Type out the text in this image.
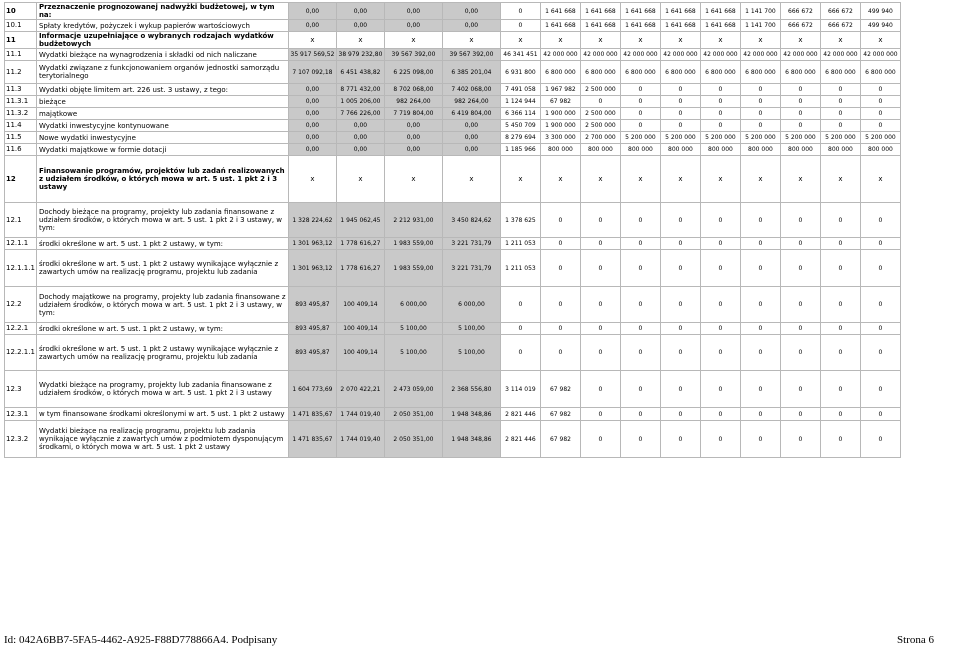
10	Przeznaczenie prognozowanej nadwyżki budżetowej, w tym na:	0,00	0,00	0,00	0,00	0	1 641 668	1 641 668	1 641 668	1 641 668	1 641 668	1 141 700	666 672	666 672	499 940
10.1	Spłaty kredytów, pożyczek i wykup papierów wartościowych	0,00	0,00	0,00	0,00	0	1 641 668	1 641 668	1 641 668	1 641 668	1 641 668	1 141 700	666 672	666 672	499 940
11	Informacje uzupełniające o wybranych rodzajach wydatków budżetowych	x	x	x	x	x	x	x	x	x	x	x	x	x	x
11.1	Wydatki bieżące na wynagrodzenia i składki od nich naliczane	35 917 569,52	38 979 232,80	39 567 392,00	39 567 392,00	46 341 451	42 000 000	42 000 000	42 000 000	42 000 000	42 000 000	42 000 000	42 000 000	42 000 000	42 000 000
11.2	Wydatki związane z funkcjonowaniem organów jednostki samorządu terytorialnego	7 107 092,18	6 451 438,82	6 225 098,00	6 385 201,04	6 931 800	6 800 000	6 800 000	6 800 000	6 800 000	6 800 000	6 800 000	6 800 000	6 800 000	6 800 000
11.3	Wydatki objęte limitem art. 226 ust. 3 ustawy, z tego:	0,00	8 771 432,00	8 702 068,00	7 402 068,00	7 491 058	1 967 982	2 500 000	0	0	0	0	0	0	0
11.3.1	bieżące	0,00	1 005 206,00	982 264,00	982 264,00	1 124 944	67 982	0	0	0	0	0	0	0	0
11.3.2	majątkowe	0,00	7 766 226,00	7 719 804,00	6 419 804,00	6 366 114	1 900 000	2 500 000	0	0	0	0	0	0	0
11.4	Wydatki inwestycyjne kontynuowane	0,00	0,00	0,00	0,00	5 450 709	1 900 000	2 500 000	0	0	0	0	0	0	0
11.5	Nowe wydatki inwestycyjne	0,00	0,00	0,00	0,00	8 279 694	3 300 000	2 700 000	5 200 000	5 200 000	5 200 000	5 200 000	5 200 000	5 200 000	5 200 000
11.6	Wydatki majątkowe w formie dotacji	0,00	0,00	0,00	0,00	1 185 966	800 000	800 000	800 000	800 000	800 000	800 000	800 000	800 000	800 000
12	Finansowanie programów, projektów lub zadań realizowanych z udziałem środków, o których mowa w art. 5 ust. 1 pkt 2 i 3 ustawy	x	x	x	x	x	x	x	x	x	x	x	x	x	x
12.1	Dochody bieżące na programy, projekty lub zadania finansowane z udziałem środków, o których mowa w art. 5 ust. 1 pkt 2 i 3 ustawy, w tym:	1 328 224,62	1 945 062,45	2 212 931,00	3 450 824,62	1 378 625	0	0	0	0	0	0	0	0	0
12.1.1	środki określone w art. 5 ust. 1 pkt 2 ustawy, w tym:	1 301 963,12	1 778 616,27	1 983 559,00	3 221 731,79	1 211 053	0	0	0	0	0	0	0	0	0
12.1.1.1	środki określone w art. 5 ust. 1 pkt 2 ustawy wynikające wyłącznie z zawartych umów na realizację programu, projektu lub zadania	1 301 963,12	1 778 616,27	1 983 559,00	3 221 731,79	1 211 053	0	0	0	0	0	0	0	0	0
12.2	Dochody majątkowe na programy, projekty lub zadania finansowane z udziałem środków, o których mowa w art. 5 ust. 1 pkt 2 i 3 ustawy, w tym:	893 495,87	100 409,14	6 000,00	6 000,00	0	0	0	0	0	0	0	0	0	0
12.2.1	środki określone w art. 5 ust. 1 pkt 2 ustawy, w tym:	893 495,87	100 409,14	5 100,00	5 100,00	0	0	0	0	0	0	0	0	0	0
12.2.1.1	środki określone w art. 5 ust. 1 pkt 2 ustawy wynikające wyłącznie z zawartych umów na realizację programu, projektu lub zadania	893 495,87	100 409,14	5 100,00	5 100,00	0	0	0	0	0	0	0	0	0	0
12.3	Wydatki bieżące na programy, projekty lub zadania finansowane z udziałem środków, o których mowa w art. 5 ust. 1 pkt 2 i 3 ustawy	1 604 773,69	2 070 422,21	2 473 059,00	2 368 556,80	3 114 019	67 982	0	0	0	0	0	0	0	0
12.3.1	w tym finansowane środkami określonymi w art. 5 ust. 1 pkt 2 ustawy	1 471 835,67	1 744 019,40	2 050 351,00	1 948 348,86	2 821 446	67 982	0	0	0	0	0	0	0	0
12.3.2	Wydatki bieżące na realizację programu, projektu lub zadania wynikające wyłącznie z zawartych umów z podmiotem dysponującym środkami, o których mowa w art. 5 ust. 1 pkt 2 ustawy	1 471 835,67	1 744 019,40	2 050 351,00	1 948 348,86	2 821 446	67 982	0	0	0	0	0	0	0	0
Id: 042A6BB7-5FA5-4462-A925-F88D778866A4. Podpisany	Strona 6
